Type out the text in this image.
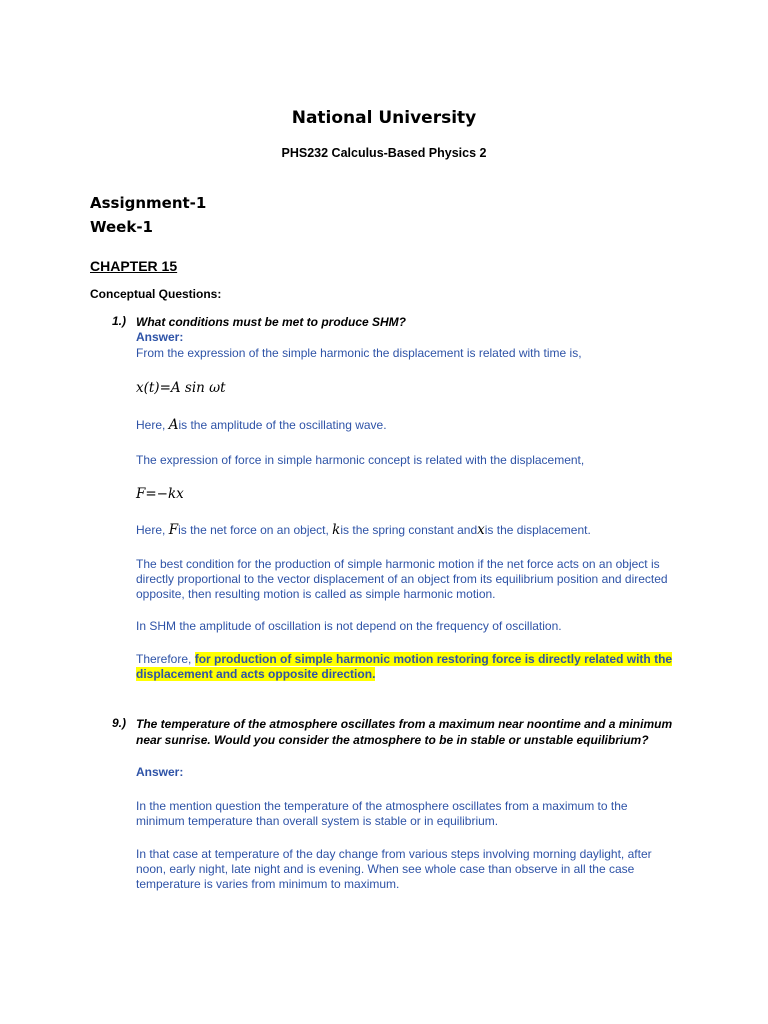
National University
PHS232 Calculus-Based Physics 2
Assignment-1
Week-1
CHAPTER 15
Conceptual Questions:
1.) What conditions must be met to produce SHM?
Answer:
From the expression of the simple harmonic the displacement is related with time is,
x(t)=A sin ωt
Here, Ais the amplitude of the oscillating wave.
The expression of force in simple harmonic concept is related with the displacement,
F=−kx
Here, Fis the net force on an object, kis the spring constant andxis the displacement.
The best condition for the production of simple harmonic motion if the net force acts on an object is directly proportional to the vector displacement of an object from its equilibrium position and directed opposite, then resulting motion is called as simple harmonic motion.
In SHM the amplitude of oscillation is not depend on the frequency of oscillation.
Therefore, for production of simple harmonic motion restoring force is directly related with the displacement and acts opposite direction.
9.) The temperature of the atmosphere oscillates from a maximum near noontime and a minimum near sunrise. Would you consider the atmosphere to be in stable or unstable equilibrium?
Answer:
In the mention question the temperature of the atmosphere oscillates from a maximum to the minimum temperature than overall system is stable or in equilibrium.
In that case at temperature of the day change from various steps involving morning daylight, after noon, early night, late night and is evening. When see whole case than observe in all the case temperature is varies from minimum to maximum.
